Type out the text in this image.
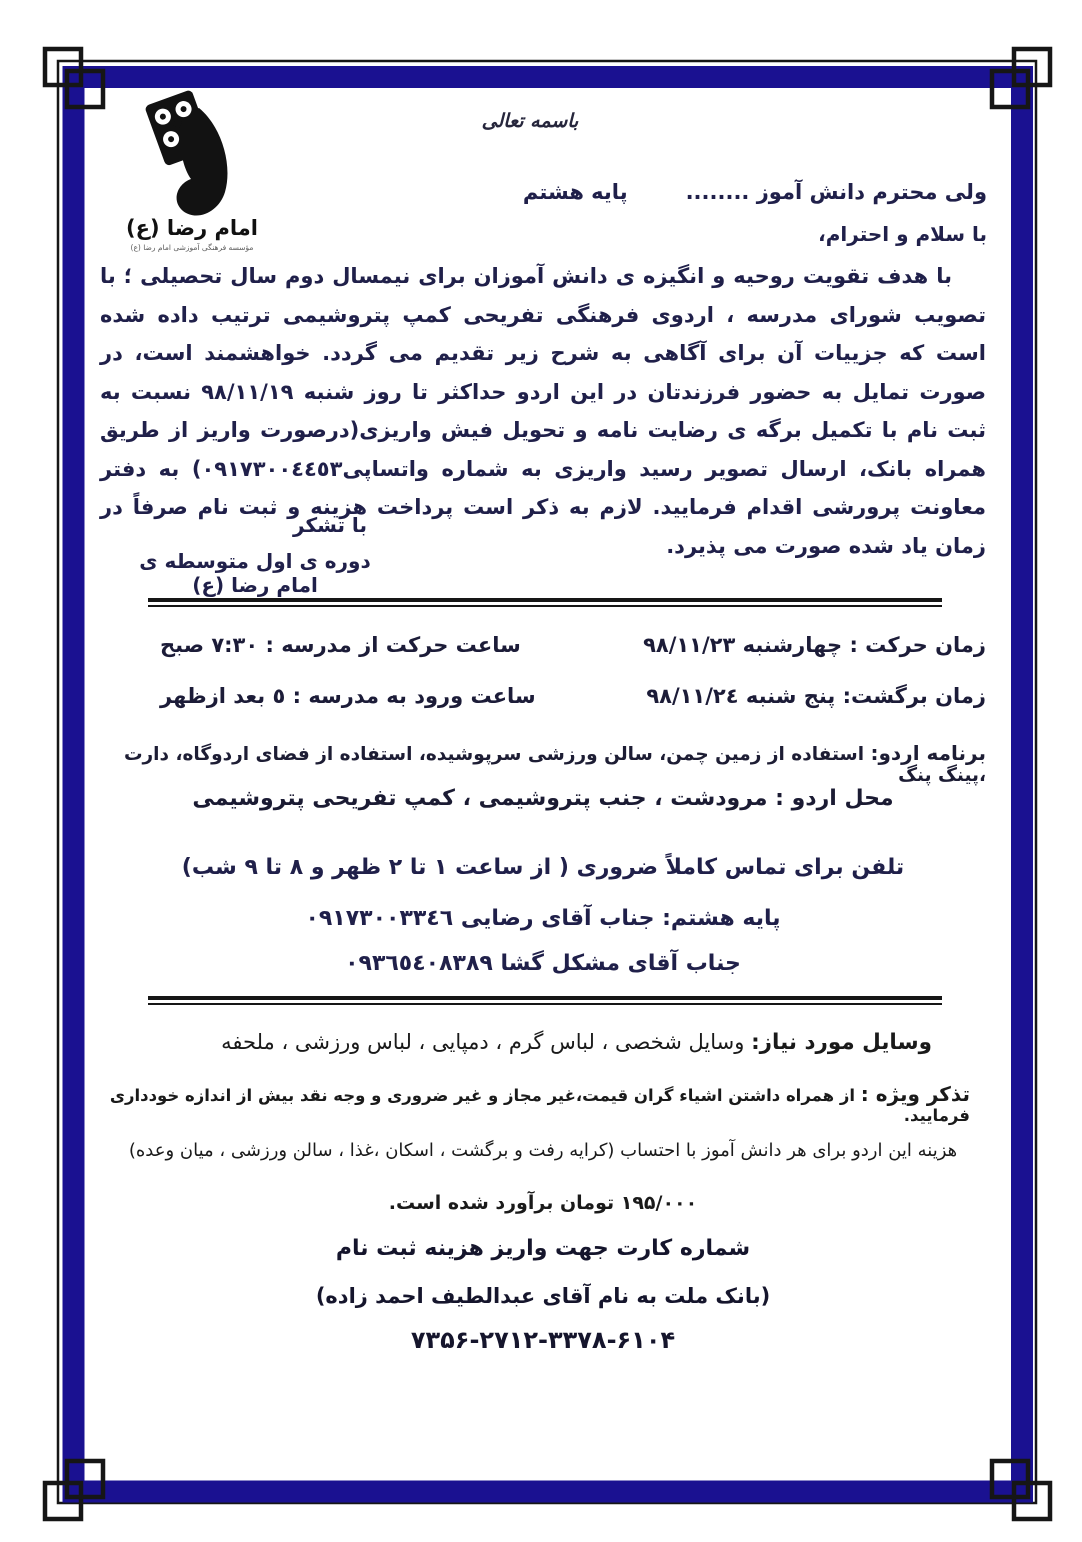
امام رضا (ع)
مؤسسه فرهنگی آموزشی امام رضا (ع)
باسمه تعالی
ولی محترم دانش آموز ........پایه هشتم
با سلام و احترام،
با هدف تقویت روحیه و انگیزه ی دانش آموزان برای نیمسال دوم سال تحصیلی ؛ با تصویب شورای مدرسه ، اردوی فرهنگی تفریحی کمپ پتروشیمی ترتیب داده شده است که جزییات آن برای آگاهی به شرح زیر تقدیم می گردد. خواهشمند است، در صورت تمایل به حضور فرزندتان در این اردو حداکثر تا روز شنبه ۹۸/۱۱/۱۹ نسبت به ثبت نام با تکمیل برگه ی رضایت نامه و تحویل فیش واریزی(درصورت واریز از طریق همراه بانک، ارسال تصویر رسید واریزی به شماره واتساپی۰۹۱۷۳۰۰٤٤٥۳) به دفتر معاونت پرورشی اقدام فرمایید. لازم به ذکر است پرداخت هزینه و ثبت نام صرفاً در زمان یاد شده صورت می پذیرد.
با تشکر
دوره ی اول متوسطه ی امام رضا (ع)
زمان حرکت : چهارشنبه ۹۸/۱۱/۲۳
ساعت حرکت از مدرسه : ۷:۳۰ صبح
زمان برگشت: پنج شنبه ۹۸/۱۱/۲٤
ساعت ورود به مدرسه : ٥ بعد ازظهر
برنامه اردو: استفاده از زمین چمن، سالن ورزشی سرپوشیده، استفاده از فضای اردوگاه، دارت ،پینگ پنگ
محل اردو : مرودشت ، جنب پتروشیمی ، کمپ تفریحی پتروشیمی
تلفن برای تماس کاملاً ضروری ( از ساعت ۱ تا ۲ ظهر و ۸ تا ۹ شب)
پایه هشتم: جناب آقای رضایی ۰۹۱۷۳۰۰۳۳٤٦
جناب آقای مشکل گشا ۰۹۳٦٥٤۰۸۳۸۹
وسایل مورد نیاز: وسایل شخصی ، لباس گرم ، دمپایی ، لباس ورزشی ، ملحفه
تذکر ویژه : از همراه داشتن اشیاء گران قیمت،غیر مجاز و غیر ضروری و وجه نقد بیش از اندازه خودداری فرمایید.
هزینه این اردو برای هر دانش آموز با احتساب (کرایه رفت و برگشت ، اسکان ،غذا ، سالن ورزشی ، میان وعده)
۱۹۵/۰۰۰ تومان برآورد شده است.
شماره کارت جهت واریز هزینه ثبت نام
(بانک ملت به نام آقای عبدالطیف احمد زاده)
۷۳۵۶-۲۷۱۲-۳۳۷۸-۶۱۰۴
